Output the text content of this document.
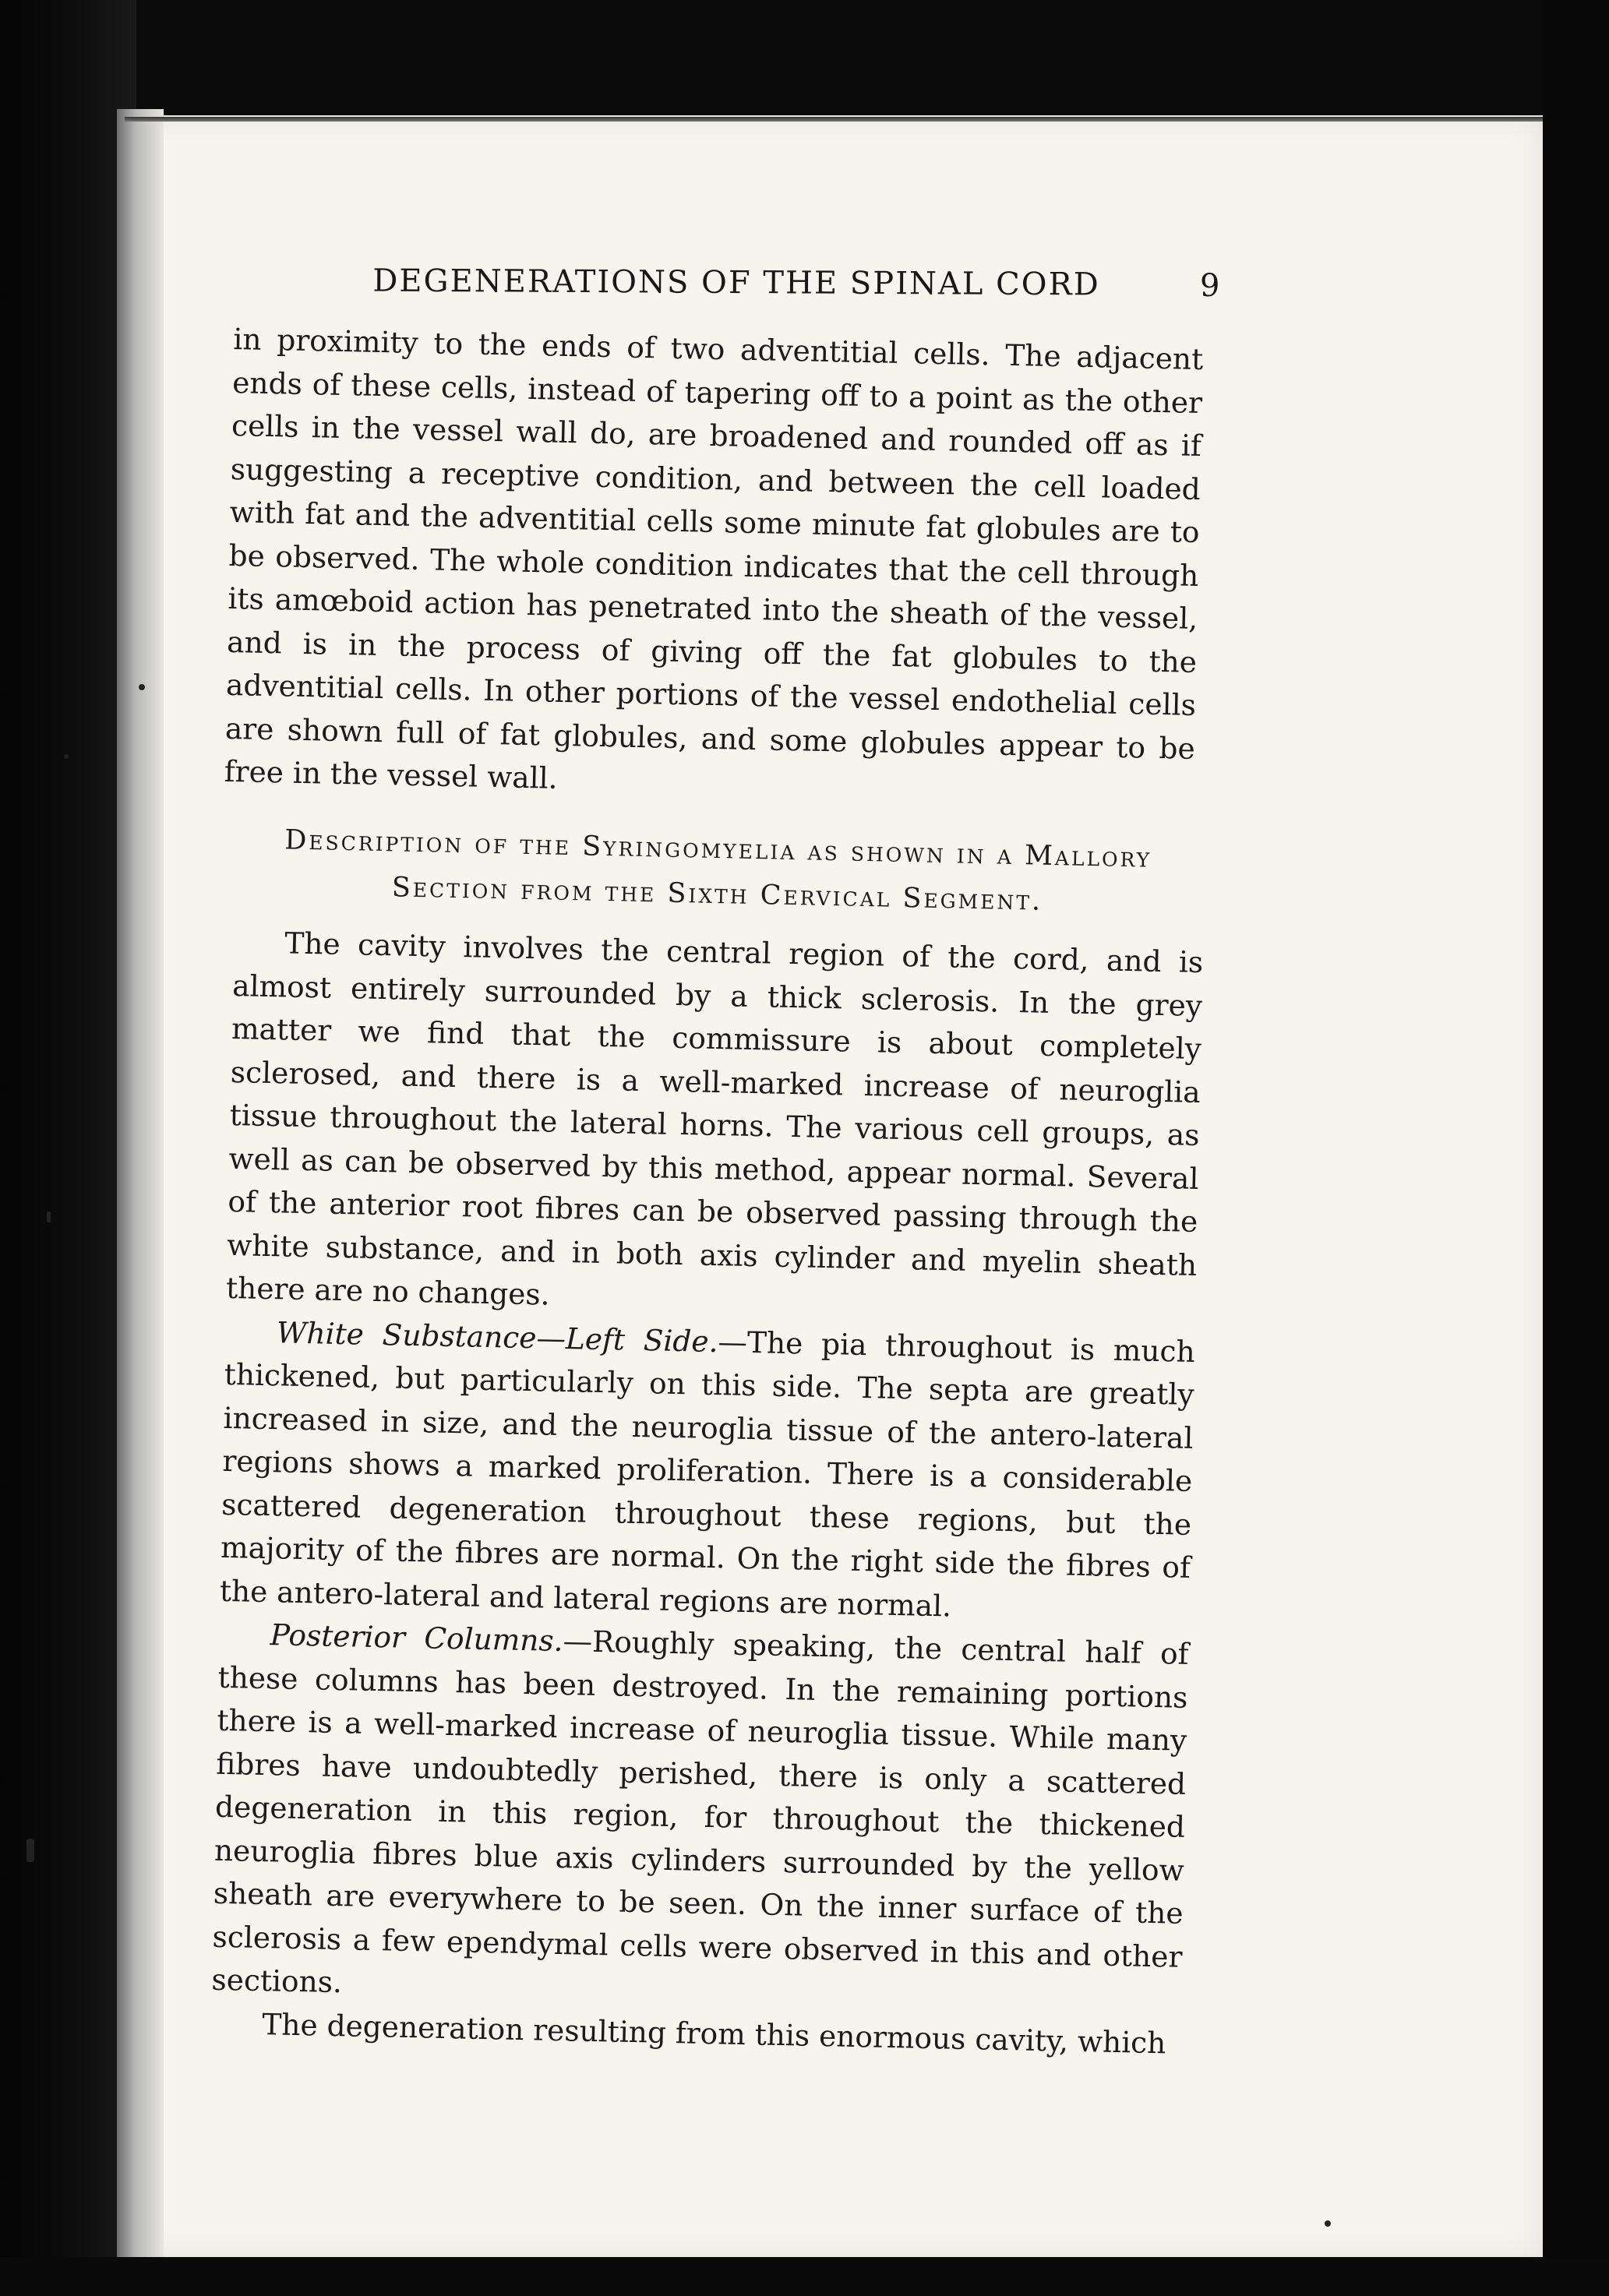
DEGENERATIONS OF THE SPINAL CORD	9

in proximity to the ends of two adventitial cells. The adjacent ends of these cells, instead of tapering off to a point as the other cells in the vessel wall do, are broadened and rounded off as if suggesting a receptive condition, and between the cell loaded with fat and the adventitial cells some minute fat globules are to be observed. The whole condition indicates that the cell through its amœboid action has penetrated into the sheath of the vessel, and is in the process of giving off the fat globules to the adventitial cells. In other portions of the vessel endothelial cells are shown full of fat globules, and some globules appear to be free in the vessel wall.

Description of the Syringomyelia as shown in a Mallory
Section from the Sixth Cervical Segment.

The cavity involves the central region of the cord, and is almost entirely surrounded by a thick sclerosis. In the grey matter we find that the commissure is about completely sclerosed, and there is a well-marked increase of neuroglia tissue throughout the lateral horns. The various cell groups, as well as can be observed by this method, appear normal. Several of the anterior root fibres can be observed passing through the white substance, and in both axis cylinder and myelin sheath there are no changes.

White Substance—Left Side.—The pia throughout is much thickened, but particularly on this side. The septa are greatly increased in size, and the neuroglia tissue of the antero-lateral regions shows a marked proliferation. There is a considerable scattered degeneration throughout these regions, but the majority of the fibres are normal. On the right side the fibres of the antero-lateral and lateral regions are normal.

Posterior Columns.—Roughly speaking, the central half of these columns has been destroyed. In the remaining portions there is a well-marked increase of neuroglia tissue. While many fibres have undoubtedly perished, there is only a scattered degeneration in this region, for throughout the thickened neuroglia fibres blue axis cylinders surrounded by the yellow sheath are everywhere to be seen. On the inner surface of the sclerosis a few ependymal cells were observed in this and other sections.

The degeneration resulting from this enormous cavity, which
